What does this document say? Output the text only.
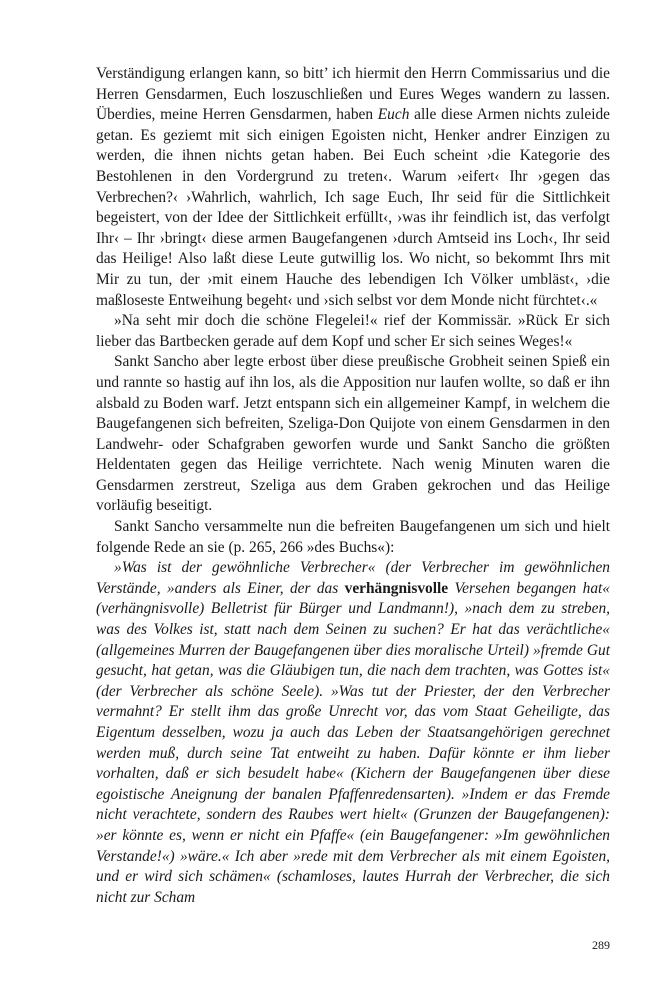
Verständigung erlangen kann, so bitt’ ich hiermit den Herrn Commissarius und die Herren Gensdarmen, Euch loszuschließen und Eures Weges wandern zu lassen. Überdies, meine Herren Gensdarmen, haben Euch alle diese Armen nichts zuleide getan. Es geziemt mit sich einigen Egoisten nicht, Henker andrer Einzigen zu werden, die ihnen nichts getan haben. Bei Euch scheint ›die Kategorie des Bestohlenen in den Vordergrund zu treten‹. Warum ›eifert‹ Ihr ›gegen das Verbrechen?‹ ›Wahrlich, wahrlich, Ich sage Euch, Ihr seid für die Sittlichkeit begeistert, von der Idee der Sittlichkeit erfüllt‹, ›was ihr feindlich ist, das verfolgt Ihr‹ – Ihr ›bringt‹ diese armen Baugefangenen ›durch Amtseid ins Loch‹, Ihr seid das Heilige! Also laßt diese Leute gutwillig los. Wo nicht, so bekommt Ihrs mit Mir zu tun, der ›mit einem Hauche des lebendigen Ich Völker umbläst‹, ›die maßloseste Entweihung begeht‹ und ›sich selbst vor dem Monde nicht fürchtet‹.«

»Na seht mir doch die schöne Flegelei!« rief der Kommissär. »Rück Er sich lieber das Bartbecken gerade auf dem Kopf und scher Er sich seines Weges!«

Sankt Sancho aber legte erbost über diese preußische Grobheit seinen Spieß ein und rannte so hastig auf ihn los, als die Apposition nur laufen wollte, so daß er ihn alsbald zu Boden warf. Jetzt entspann sich ein allgemeiner Kampf, in welchem die Baugefangenen sich befreiten, Szeliga-Don Quijote von einem Gensdarmen in den Landwehr- oder Schafgraben geworfen wurde und Sankt Sancho die größten Heldentaten gegen das Heilige verrichtete. Nach wenig Minuten waren die Gensdarmen zerstreut, Szeliga aus dem Graben gekrochen und das Heilige vorläufig beseitigt.

Sankt Sancho versammelte nun die befreiten Baugefangenen um sich und hielt folgende Rede an sie (p. 265, 266 »des Buchs«):

»Was ist der gewöhnliche Verbrecher« (der Verbrecher im gewöhnlichen Verstände, »anders als Einer, der das verhängnisvolle Versehen begangen hat« (verhängnisvolle) Belletrist für Bürger und Landmann!), »nach dem zu streben, was des Volkes ist, statt nach dem Seinen zu suchen? Er hat das verächtliche« (allgemeines Murren der Baugefangenen über dies moralische Urteil) »fremde Gut gesucht, hat getan, was die Gläubigen tun, die nach dem trachten, was Gottes ist« (der Verbrecher als schöne Seele). »Was tut der Priester, der den Verbrecher vermahnt? Er stellt ihm das große Unrecht vor, das vom Staat Geheiligte, das Eigentum desselben, wozu ja auch das Leben der Staatsangehörigen gerechnet werden muß, durch seine Tat entweiht zu haben. Dafür könnte er ihm lieber vorhalten, daß er sich besudelt habe« (Kichern der Baugefangenen über diese egoistische Aneignung der banalen Pfaffenredensarten). »Indem er das Fremde nicht verachtete, sondern des Raubes wert hielt« (Grunzen der Baugefangenen): »er könnte es, wenn er nicht ein Pfaffe« (ein Baugefangener: »Im gewöhnlichen Verstande!«) »wäre.« Ich aber »rede mit dem Verbrecher als mit einem Egoisten, und er wird sich schämen« (schamloses, lautes Hurrah der Verbrecher, die sich nicht zur Scham

289
